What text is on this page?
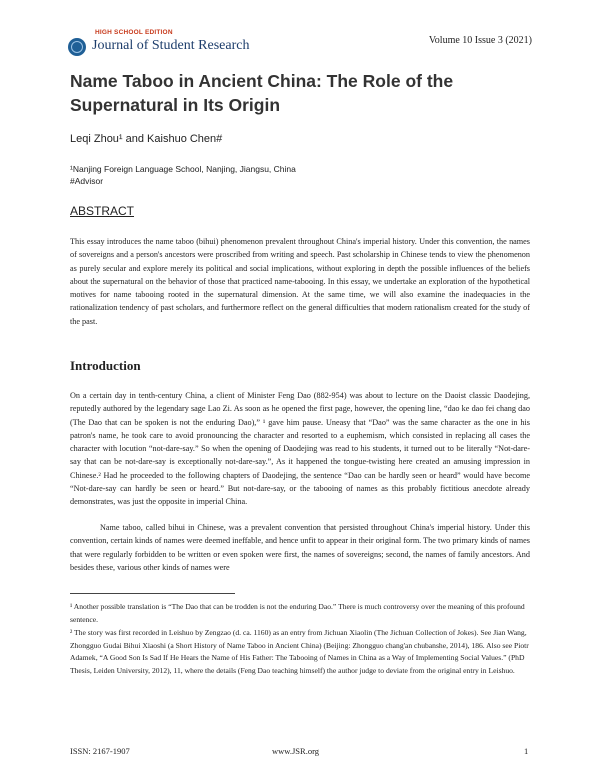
HIGH SCHOOL EDITION
Journal of Student Research	Volume 10 Issue 3 (2021)
Name Taboo in Ancient China: The Role of the Supernatural in Its Origin
Leqi Zhou¹ and Kaishuo Chen#
¹Nanjing Foreign Language School, Nanjing, Jiangsu, China
#Advisor
ABSTRACT

This essay introduces the name taboo (bihui) phenomenon prevalent throughout China's imperial history. Under this convention, the names of sovereigns and a person's ancestors were proscribed from writing and speech. Past scholarship in Chinese tends to view the phenomenon as purely secular and explore merely its political and social implications, without exploring in depth the possible influences of the beliefs about the supernatural on the behavior of those that practiced name-tabooing. In this essay, we undertake an exploration of the hypothetical motives for name tabooing rooted in the supernatural dimension. At the same time, we will also examine the inadequacies in the rationalization tendency of past scholars, and furthermore reflect on the general difficulties that modern rationalism created for the study of the past.

Introduction

On a certain day in tenth-century China, a client of Minister Feng Dao (882-954) was about to lecture on the Daoist classic Daodejing, reputedly authored by the legendary sage Lao Zi. As soon as he opened the first page, however, the opening line, “dao ke dao fei chang dao (The Dao that can be spoken is not the enduring Dao),” ¹ gave him pause. Uneasy that “Dao” was the same character as the one in his patron's name, he took care to avoid pronouncing the character and resorted to a euphemism, which consisted in replacing all cases the character with locution “not-dare-say.” So when the opening of Daodejing was read to his students, it turned out to be literally “Not-dare-say that can be not-dare-say is exceptionally not-dare-say.”, As it happened the tongue-twisting here created an amusing impression in Chinese.² Had he proceeded to the following chapters of Daodejing, the sentence “Dao can be hardly seen or heard” would have become “Not-dare-say can hardly be seen or heard.” But not-dare-say, or the tabooing of names as this probably fictitious anecdote already demonstrates, was just the opposite in imperial China.

Name taboo, called bihui in Chinese, was a prevalent convention that persisted throughout China's imperial history. Under this convention, certain kinds of names were deemed ineffable, and hence unfit to appear in their original form. The two primary kinds of names that were regularly forbidden to be written or even spoken were first, the names of sovereigns; second, the names of family ancestors. And besides these, various other kinds of names were

¹ Another possible translation is “The Dao that can be trodden is not the enduring Dao.” There is much controversy over the meaning of this profound sentence.

² The story was first recorded in Leishuo by Zengzao (d. ca. 1160) as an entry from Jichuan Xiaolin (The Jichuan Collection of Jokes). See Jian Wang, Zhongguo Gudai Bihui Xiaoshi (a Short History of Name Taboo in Ancient China) (Beijing: Zhongguo chang'an chubanshe, 2014), 186. Also see Piotr Adamek, “A Good Son Is Sad If He Hears the Name of His Father: The Tabooing of Names in China as a Way of Implementing Social Values.” (PhD Thesis, Leiden University, 2012), 11, where the details (Feng Dao teaching himself) the author judge to deviate from the original entry in Leishuo.

ISSN: 2167-1907	www.JSR.org	1
